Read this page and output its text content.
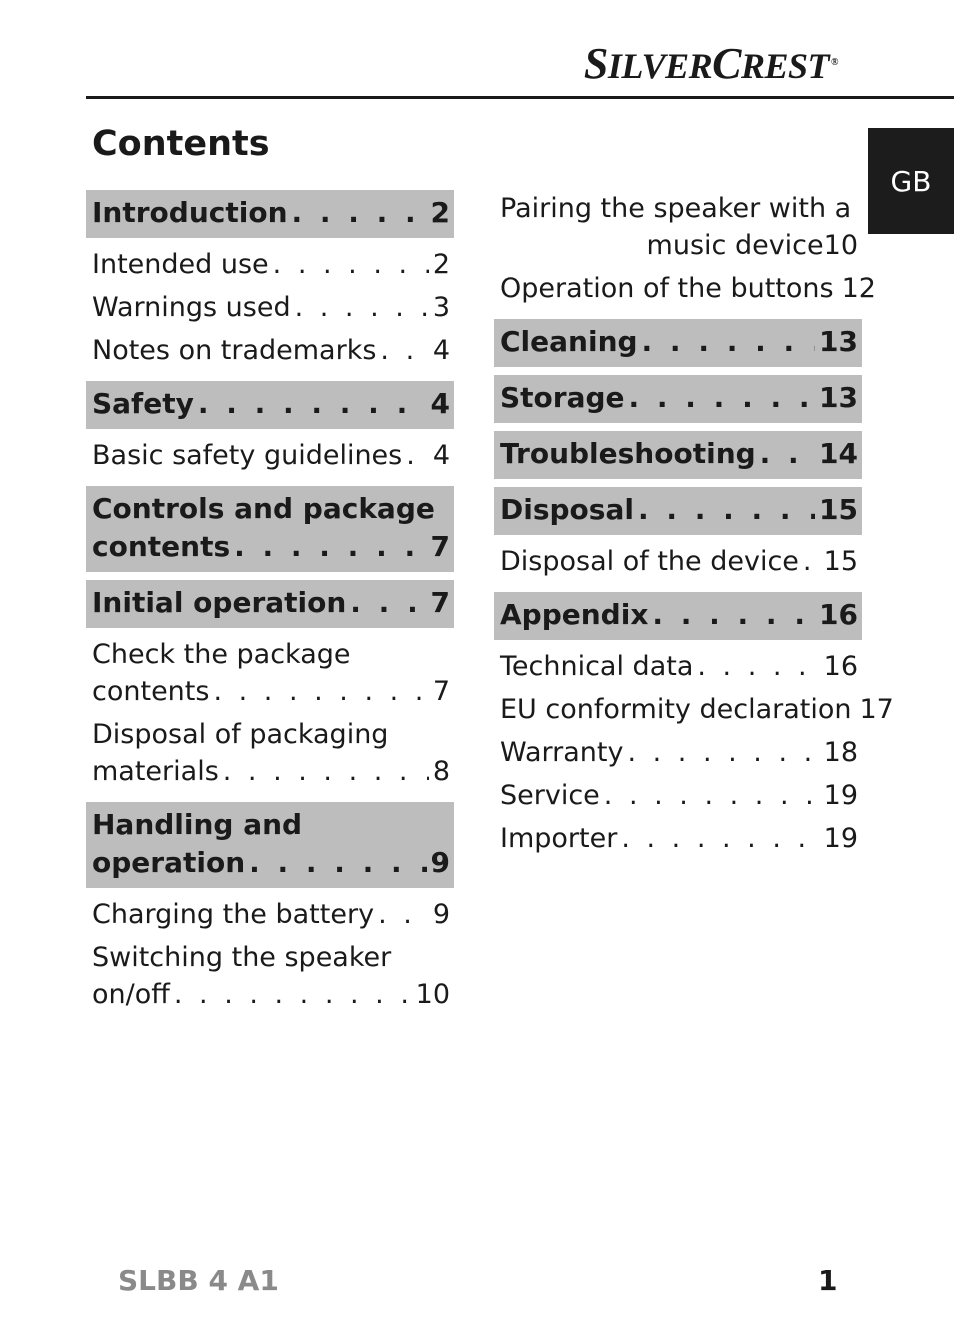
SILVERCREST ®
GB
Contents
Introduction . . .	2
Intended use . . .	2
Warnings used . . .	3
Notes on trademarks . . . 4
Safety . . .	4
Basic safety guidelines . . . 4
Controls and package
contents . . .	7
Initial operation . . .	7
Check the package
contents . . .	7
Disposal of packaging
materials . . .	8
Handling and
operation . . .	9
Charging the battery . . . 9
Switching the speaker
on/off . . .	10
Pairing the speaker with a
music device10
Operation of the buttons 12
Cleaning . . .	13
Storage . . .	13
Troubleshooting . . . 14
Disposal . . .	15
Disposal of the device . . . 15
Appendix . . .	16
Technical data . . .	16
EU conformity declaration 17
Warranty . . .	18
Service . . .	19
Importer . . .	19
SLBB 4 A1	1
